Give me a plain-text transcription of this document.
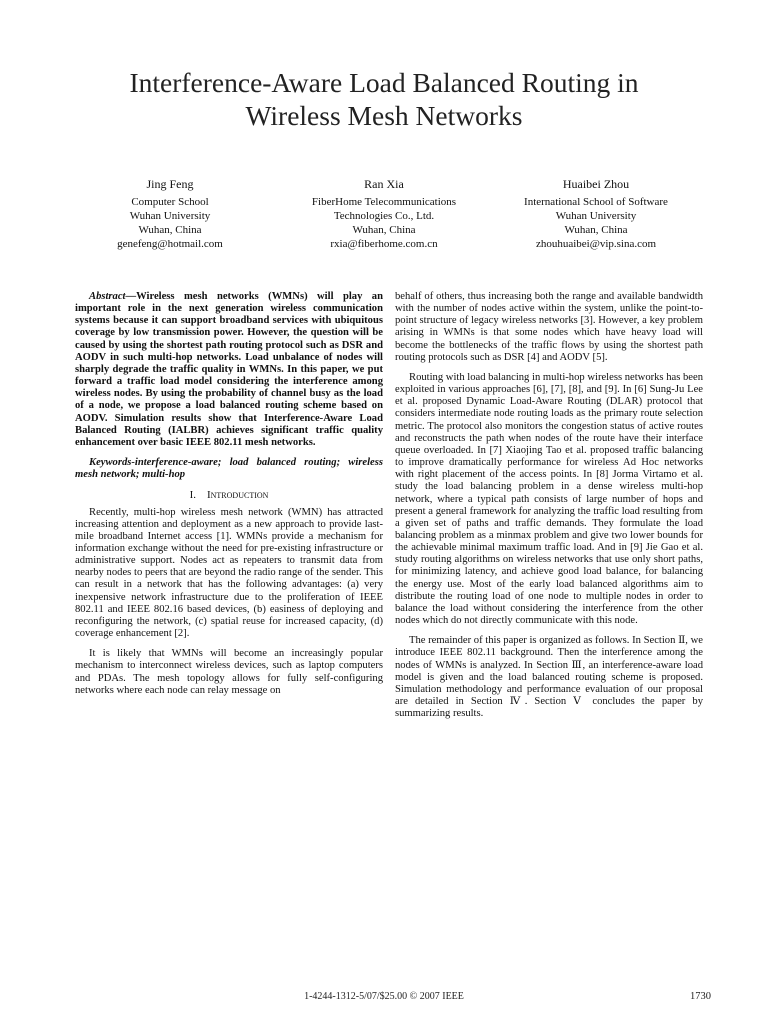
Interference-Aware Load Balanced Routing in
Wireless Mesh Networks
Jing Feng
Computer School
Wuhan University
Wuhan, China
genefeng@hotmail.com
Ran Xia
FiberHome Telecommunications
Technologies Co., Ltd.
Wuhan, China
rxia@fiberhome.com.cn
Huaibei Zhou
International School of Software
Wuhan University
Wuhan, China
zhouhuaibei@vip.sina.com

Abstract—Wireless mesh networks (WMNs) will play an important role in the next generation wireless communication systems because it can support broadband services with ubiquitous coverage by low transmission power. However, the question will be caused by using the shortest path routing protocol such as DSR and AODV in such multi-hop networks. Load unbalance of nodes will sharply degrade the traffic quality in WMNs. In this paper, we put forward a traffic load model considering the interference among wireless nodes. By using the probability of channel busy as the load of a node, we propose a load balanced routing scheme based on AODV. Simulation results show that Interference-Aware Load Balanced Routing (IALBR) achieves significant traffic quality enhancement over basic IEEE 802.11 mesh networks.

Keywords-interference-aware; load balanced routing; wireless mesh network; multi-hop

I. Introduction

Recently, multi-hop wireless mesh network (WMN) has attracted increasing attention and deployment as a new approach to provide last-mile broadband Internet access [1]. WMNs provide a mechanism for information exchange without the need for pre-existing infrastructure or administrative support. Nodes act as repeaters to transmit data from nearby nodes to peers that are beyond the radio range of the sender. This can result in a network that has the following advantages: (a) very inexpensive network infrastructure due to the proliferation of IEEE 802.11 and IEEE 802.16 based devices, (b) easiness of deploying and reconfiguring the network, (c) spatial reuse for increased capacity, (d) coverage enhancement [2].

It is likely that WMNs will become an increasingly popular mechanism to interconnect wireless devices, such as laptop computers and PDAs. The mesh topology allows for fully self-configuring networks where each node can relay message on

behalf of others, thus increasing both the range and available bandwidth with the number of nodes active within the system, unlike the point-to-point structure of legacy wireless networks [3]. However, a key problem arising in WMNs is that some nodes which have heavy load will become the bottlenecks of the traffic flows by using the shortest path routing protocols such as DSR [4] and AODV [5].

Routing with load balancing in multi-hop wireless networks has been exploited in various approaches [6], [7], [8], and [9]. In [6] Sung-Ju Lee et al. proposed Dynamic Load-Aware Routing (DLAR) protocol that considers intermediate node routing loads as the primary route selection metric. The protocol also monitors the congestion status of active routes and reconstructs the path when nodes of the route have their interface queue overloaded. In [7] Xiaojing Tao et al. proposed traffic balancing to improve dramatically performance for wireless Ad Hoc networks with right placement of the access points. In [8] Jorma Virtamo et al. study the load balancing problem in a dense wireless multi-hop network, where a typical path consists of large number of hops and present a general framework for analyzing the traffic load resulting from a given set of paths and traffic demands. They formulate the load balancing problem as a minmax problem and give two lower bounds for the achievable minimal maximum traffic load. And in [9] Jie Gao et al. study routing algorithms on wireless networks that use only short paths, for minimizing latency, and achieve good load balance, for balancing the energy use. Most of the early load balanced algorithms aim to distribute the routing load of one node to multiple nodes in order to balance the load without considering the interference from the other nodes which do not directly communicate with this node.

The remainder of this paper is organized as follows. In Section Ⅱ, we introduce IEEE 802.11 background. Then the interference among the nodes of WMNs is analyzed. In Section Ⅲ, an interference-aware load model is given and the load balanced routing scheme is proposed. Simulation methodology and performance evaluation of our proposal are detailed in Section Ⅳ. Section Ⅴ concludes the paper by summarizing results.

1-4244-1312-5/07/$25.00 © 2007 IEEE	1730
